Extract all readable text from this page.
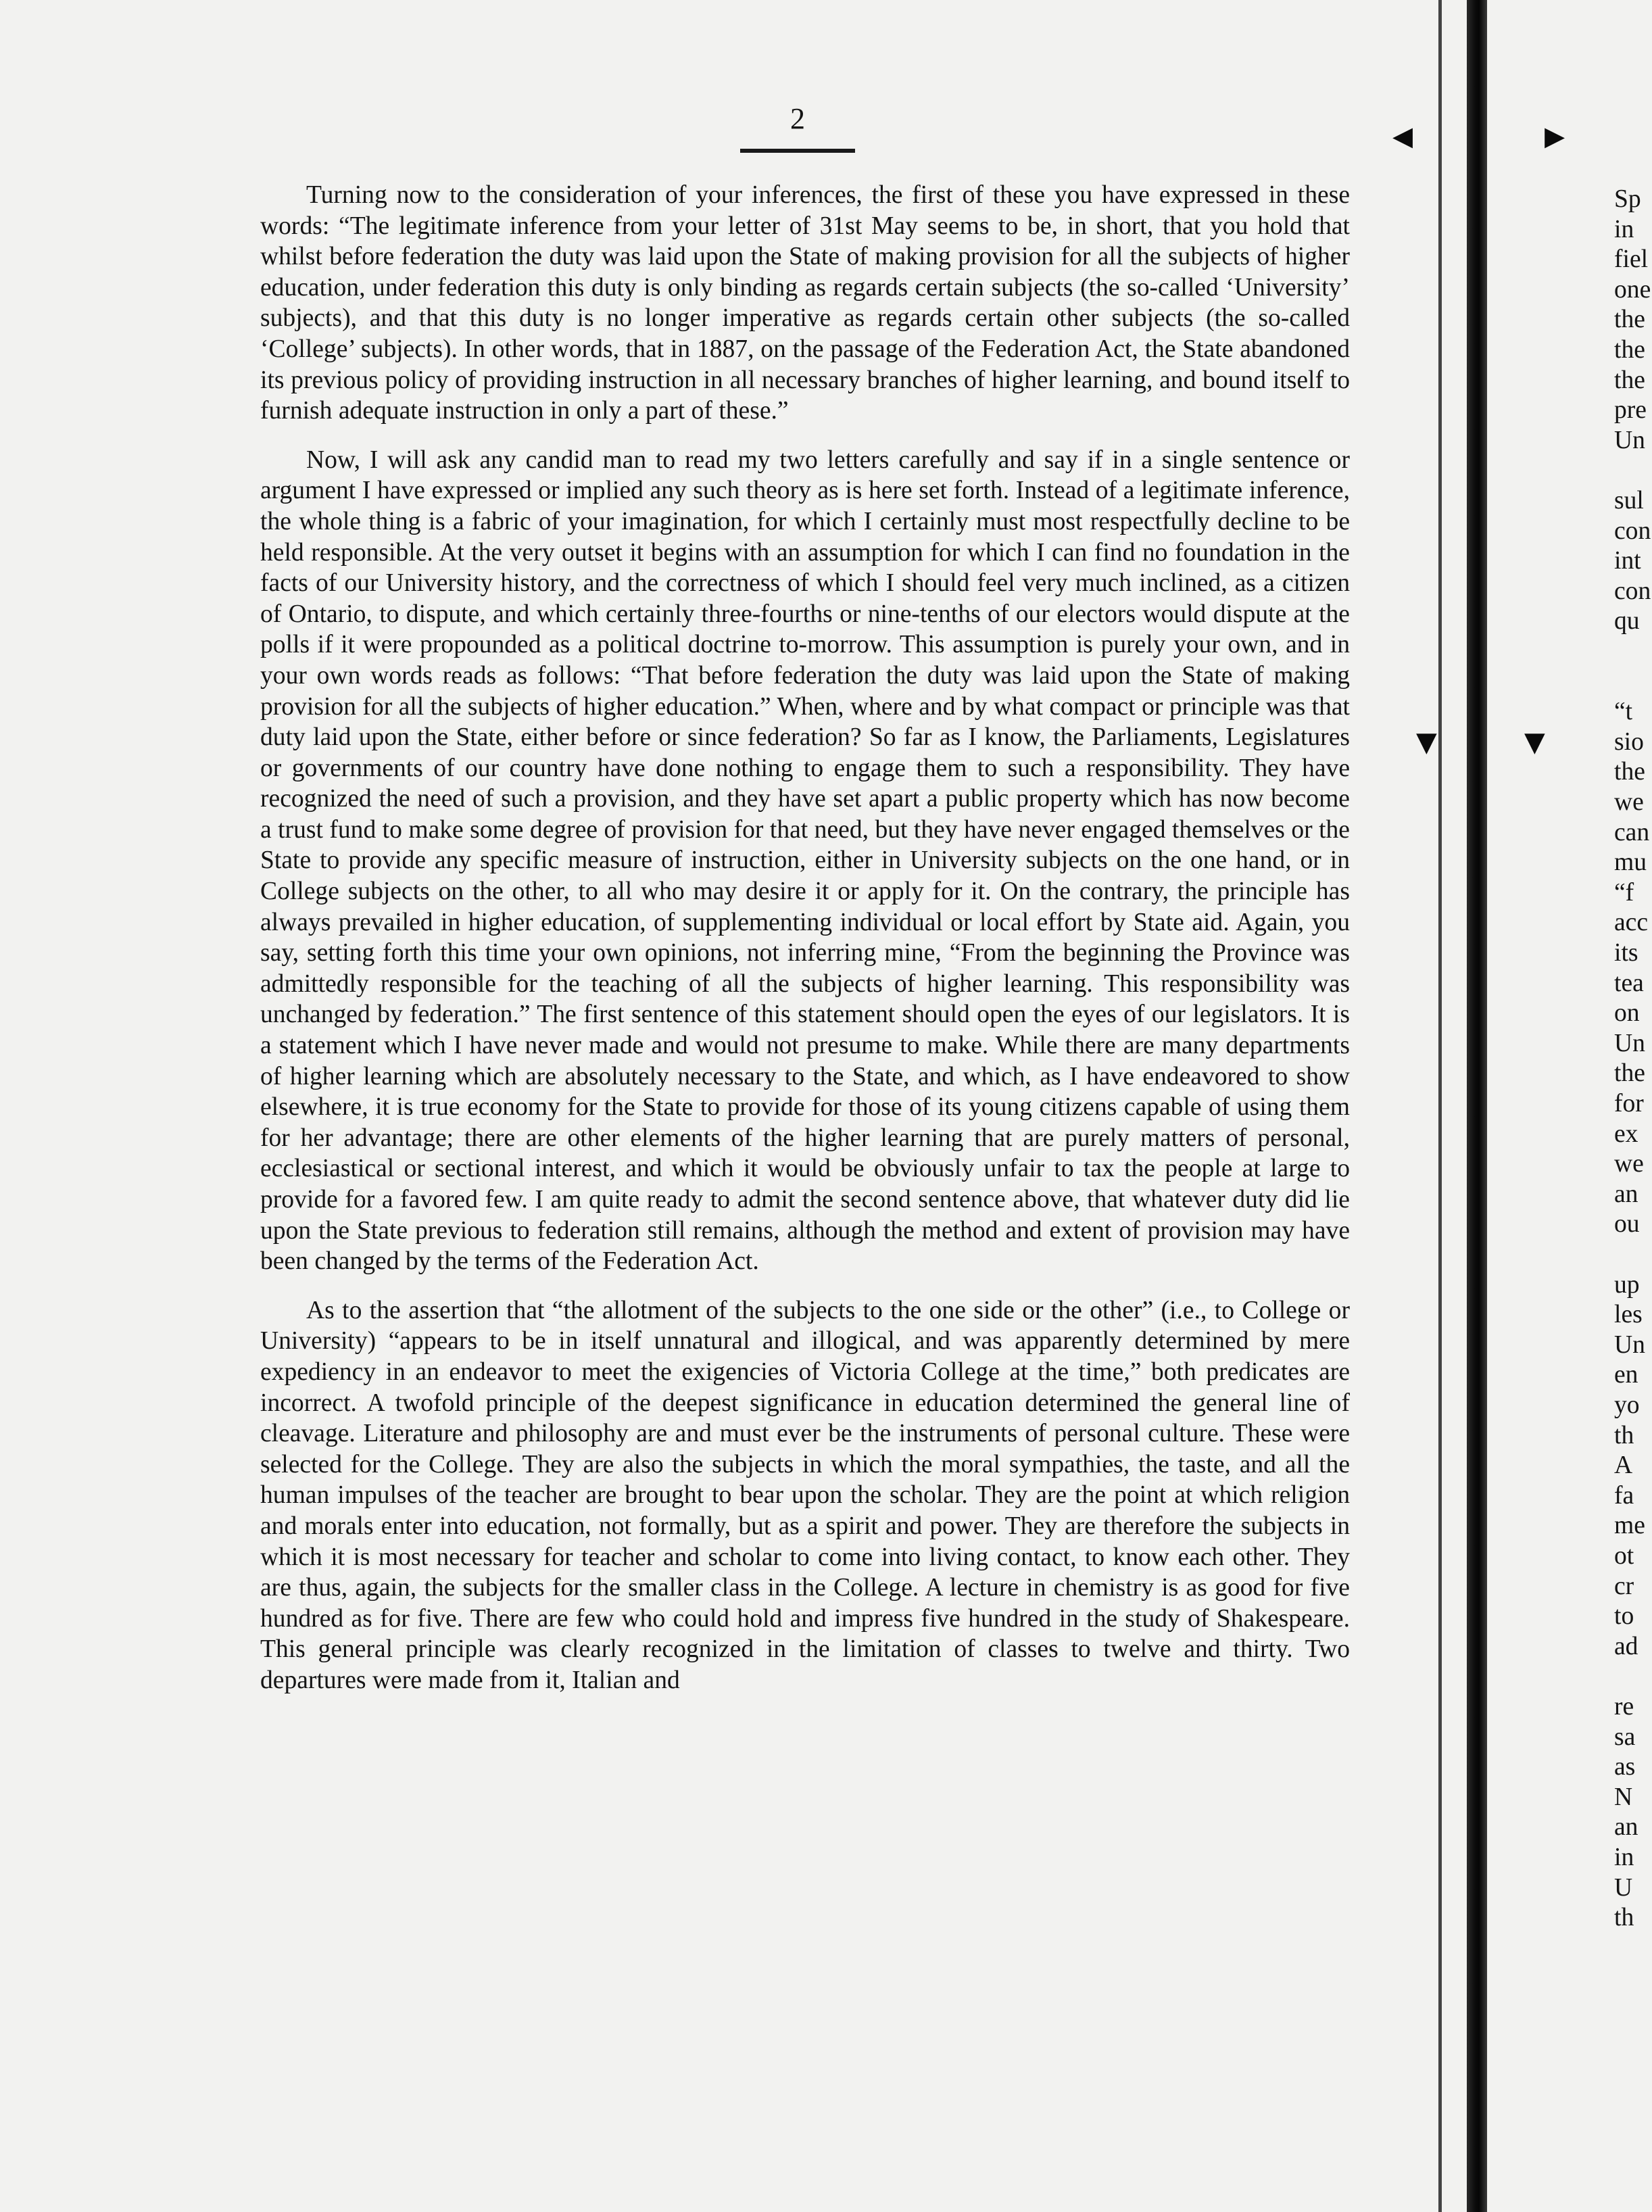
2

Turning now to the consideration of your inferences, the first of these you have expressed in these words: “The legitimate inference from your letter of 31st May seems to be, in short, that you hold that whilst before federation the duty was laid upon the State of making provision for all the subjects of higher education, under federation this duty is only binding as regards certain subjects (the so-called ‘University’ subjects), and that this duty is no longer imperative as regards certain other subjects (the so-called ‘College’ subjects). In other words, that in 1887, on the passage of the Federation Act, the State abandoned its previous policy of providing instruction in all necessary branches of higher learning, and bound itself to furnish adequate instruction in only a part of these.”

Now, I will ask any candid man to read my two letters carefully and say if in a single sentence or argument I have expressed or implied any such theory as is here set forth. Instead of a legitimate inference, the whole thing is a fabric of your imagination, for which I certainly must most respectfully decline to be held responsible. At the very outset it begins with an assumption for which I can find no foundation in the facts of our University history, and the correctness of which I should feel very much inclined, as a citizen of Ontario, to dispute, and which certainly three-fourths or nine-tenths of our electors would dispute at the polls if it were propounded as a political doctrine to-morrow. This assumption is purely your own, and in your own words reads as follows: “That before federation the duty was laid upon the State of making provision for all the subjects of higher education.” When, where and by what compact or principle was that duty laid upon the State, either before or since federation? So far as I know, the Parliaments, Legislatures or governments of our country have done nothing to engage them to such a responsibility. They have recognized the need of such a provision, and they have set apart a public property which has now become a trust fund to make some degree of provision for that need, but they have never engaged themselves or the State to provide any specific measure of instruction, either in University subjects on the one hand, or in College subjects on the other, to all who may desire it or apply for it. On the contrary, the principle has always prevailed in higher education, of supplementing individual or local effort by State aid. Again, you say, setting forth this time your own opinions, not inferring mine, “From the beginning the Province was admittedly responsible for the teaching of all the subjects of higher learning. This responsibility was unchanged by federation.” The first sentence of this statement should open the eyes of our legislators. It is a statement which I have never made and would not presume to make. While there are many departments of higher learning which are absolutely necessary to the State, and which, as I have endeavored to show elsewhere, it is true economy for the State to provide for those of its young citizens capable of using them for her advantage; there are other elements of the higher learning that are purely matters of personal, ecclesiastical or sectional interest, and which it would be obviously unfair to tax the people at large to provide for a favored few. I am quite ready to admit the second sentence above, that whatever duty did lie upon the State previous to federation still remains, although the method and extent of provision may have been changed by the terms of the Federation Act.

As to the assertion that “the allotment of the subjects to the one side or the other” (i.e., to College or University) “appears to be in itself unnatural and illogical, and was apparently determined by mere expediency in an endeavor to meet the exigencies of Victoria College at the time,” both predicates are incorrect. A twofold principle of the deepest significance in education determined the general line of cleavage. Literature and philosophy are and must ever be the instruments of personal culture. These were selected for the College. They are also the subjects in which the moral sympathies, the taste, and all the human impulses of the teacher are brought to bear upon the scholar. They are the point at which religion and morals enter into education, not formally, but as a spirit and power. They are therefore the subjects in which it is most necessary for teacher and scholar to come into living contact, to know each other. They are thus, again, the subjects for the smaller class in the College. A lecture in chemistry is as good for five hundred as for five. There are few who could hold and impress five hundred in the study of Shakespeare. This general principle was clearly recognized in the limitation of classes to twelve and thirty. Two departures were made from it, Italian and

◂	▸
▼	▼
Sp
in
fiel
one
the
the
the
pre
Un
sul
con
int
con
qu
“t
sio
the
we
can
mu
“f
acc
its
tea
on
Un
the
for
ex
we
an
ou
up
les
Un
en
yo
th
A
fa
me
ot
cr
to
ad
re
sa
as
N
an
in
U
th
